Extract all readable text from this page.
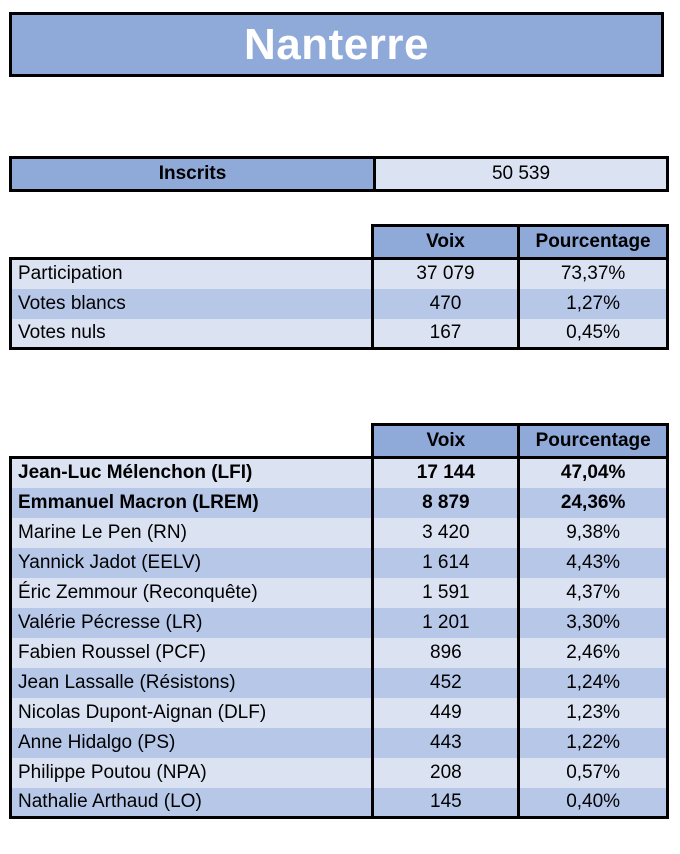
Nanterre
Inscrits	50 539
	Voix	Pourcentage
Participation	37 079	73,37%
Votes blancs	470	1,27%
Votes nuls	167	0,45%
	Voix	Pourcentage
Jean-Luc Mélenchon (LFI)	17 144	47,04%
Emmanuel Macron (LREM)	8 879	24,36%
Marine Le Pen (RN)	3 420	9,38%
Yannick Jadot (EELV)	1 614	4,43%
Éric Zemmour (Reconquête)	1 591	4,37%
Valérie Pécresse (LR)	1 201	3,30%
Fabien Roussel (PCF)	896	2,46%
Jean Lassalle (Résistons)	452	1,24%
Nicolas Dupont-Aignan (DLF)	449	1,23%
Anne Hidalgo (PS)	443	1,22%
Philippe Poutou (NPA)	208	0,57%
Nathalie Arthaud (LO)	145	0,40%
